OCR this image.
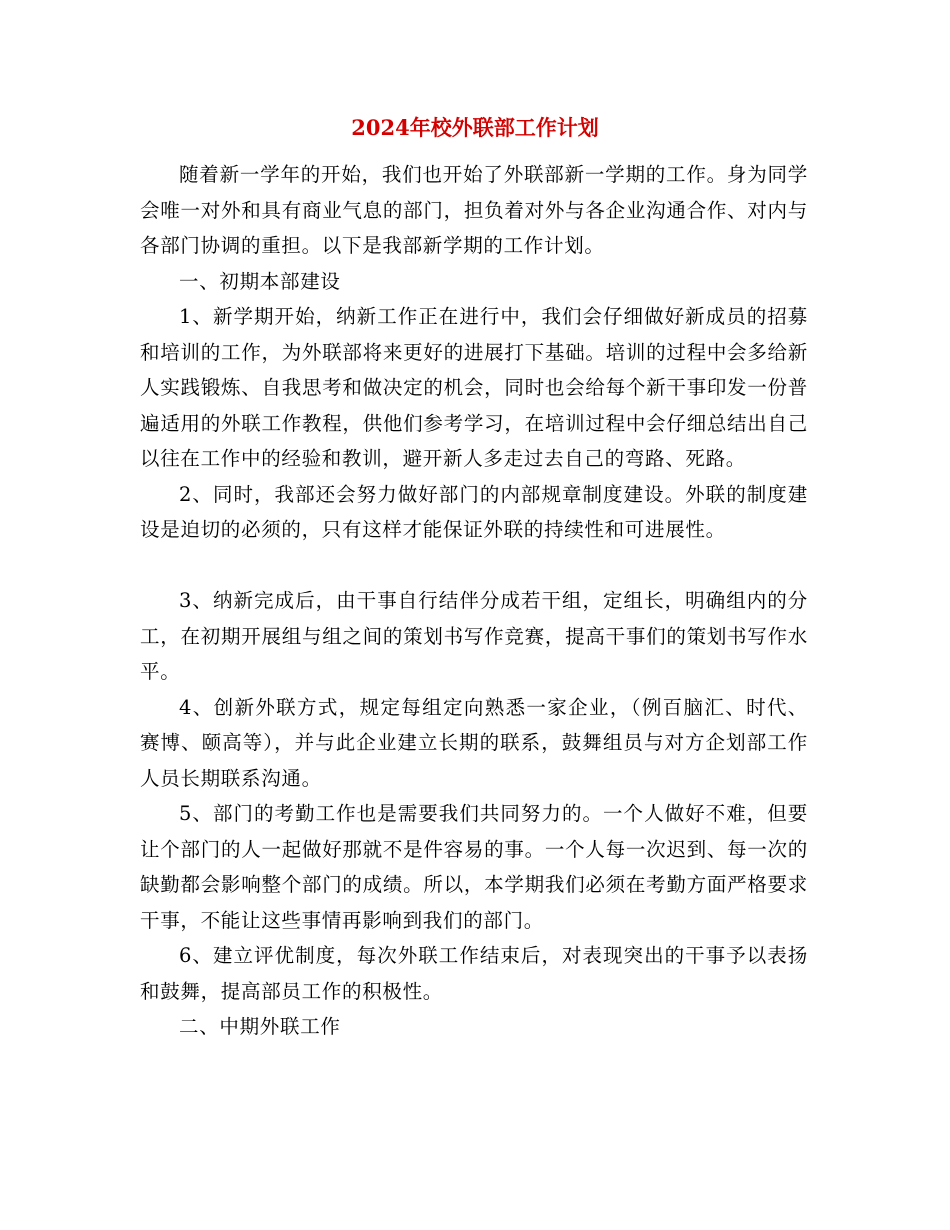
2024年校外联部工作计划

随着新一学年的开始，我们也开始了外联部新一学期的工作。身为同学会唯一对外和具有商业气息的部门，担负着对外与各企业沟通合作、对内与各部门协调的重担。以下是我部新学期的工作计划。

一、初期本部建设

1、新学期开始，纳新工作正在进行中，我们会仔细做好新成员的招募和培训的工作，为外联部将来更好的进展打下基础。培训的过程中会多给新人实践锻炼、自我思考和做决定的机会，同时也会给每个新干事印发一份普遍适用的外联工作教程，供他们参考学习，在培训过程中会仔细总结出自己以往在工作中的经验和教训，避开新人多走过去自己的弯路、死路。

2、同时，我部还会努力做好部门的内部规章制度建设。外联的制度建设是迫切的必须的，只有这样才能保证外联的持续性和可进展性。

3、纳新完成后，由干事自行结伴分成若干组，定组长，明确组内的分工，在初期开展组与组之间的策划书写作竞赛，提高干事们的策划书写作水平。

4、创新外联方式，规定每组定向熟悉一家企业，（例百脑汇、时代、赛博、颐高等），并与此企业建立长期的联系，鼓舞组员与对方企划部工作人员长期联系沟通。

5、部门的考勤工作也是需要我们共同努力的。一个人做好不难，但要让个部门的人一起做好那就不是件容易的事。一个人每一次迟到、每一次的缺勤都会影响整个部门的成绩。所以，本学期我们必须在考勤方面严格要求干事，不能让这些事情再影响到我们的部门。

6、建立评优制度，每次外联工作结束后，对表现突出的干事予以表扬和鼓舞，提高部员工作的积极性。

二、中期外联工作
